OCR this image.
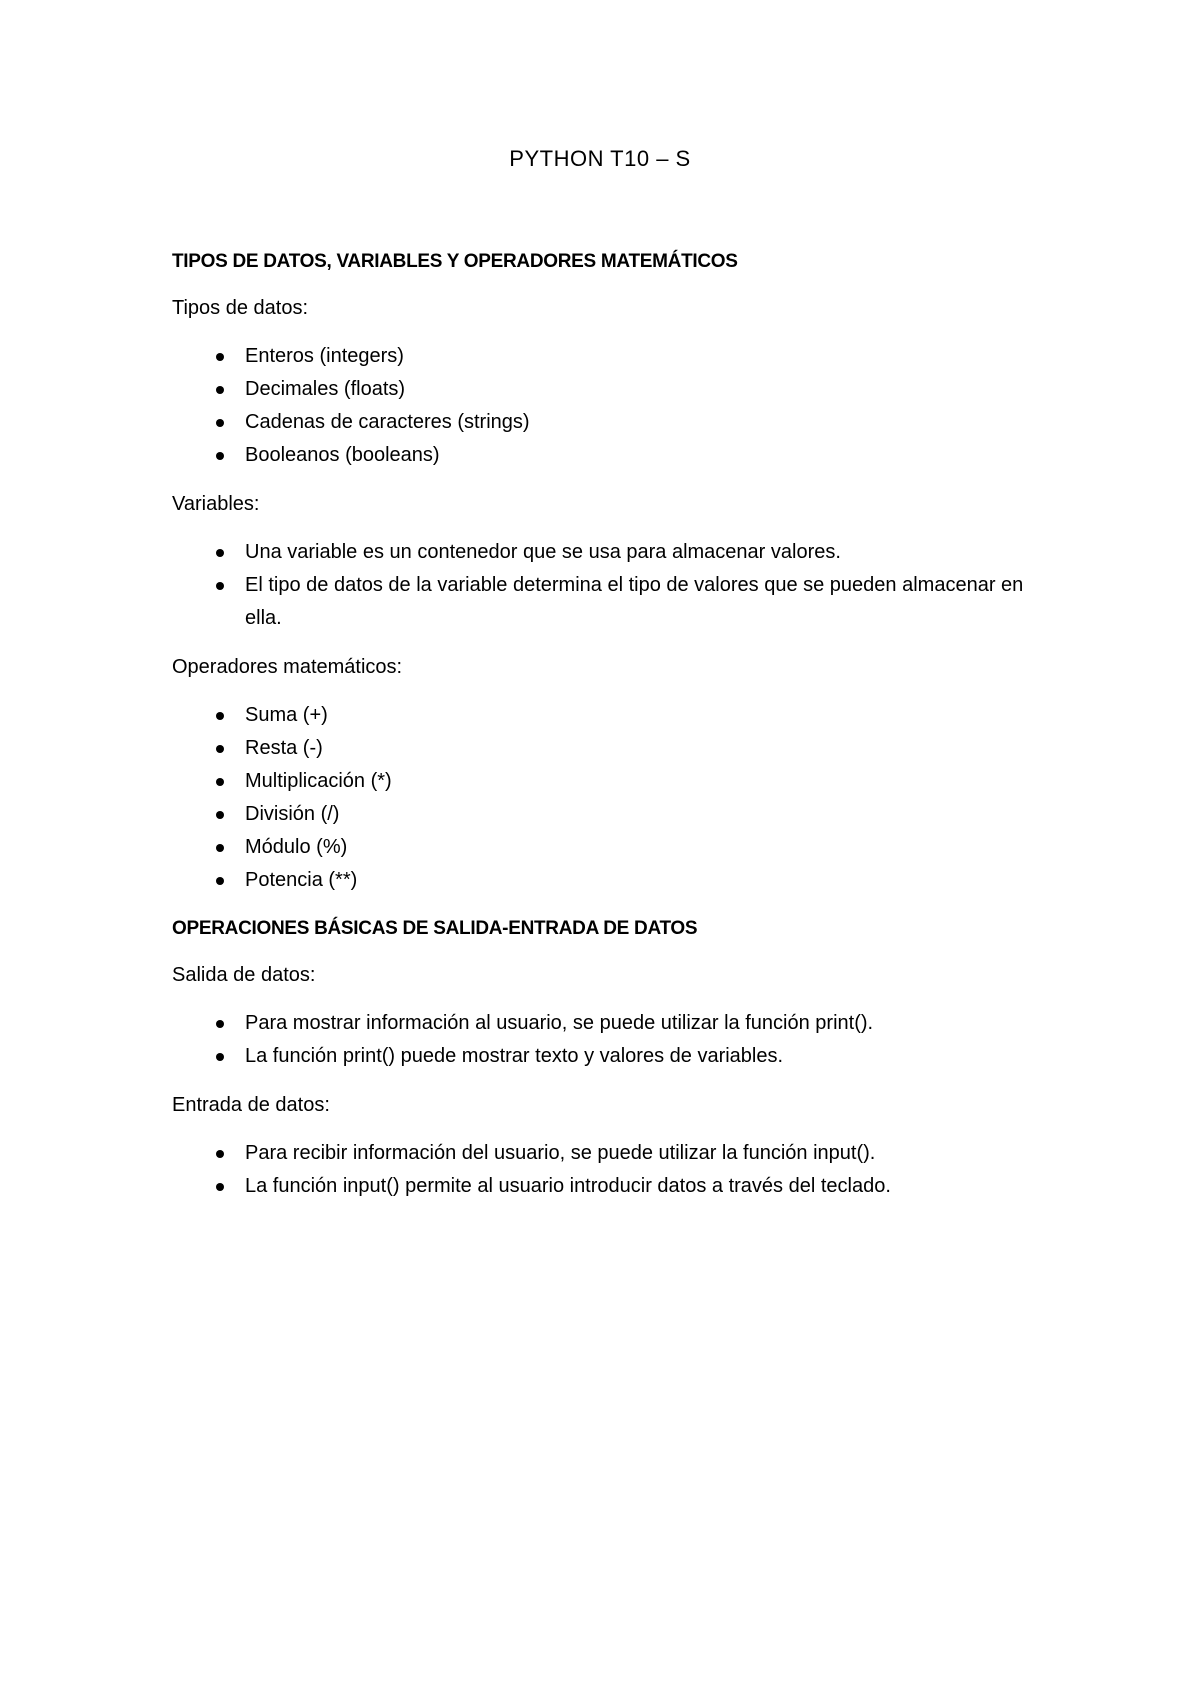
PYTHON T10 – S
TIPOS DE DATOS, VARIABLES Y OPERADORES MATEMÁTICOS

Tipos de datos:

Enteros (integers)
Decimales (floats)
Cadenas de caracteres (strings)
Booleanos (booleans)

Variables:

Una variable es un contenedor que se usa para almacenar valores.
El tipo de datos de la variable determina el tipo de valores que se pueden almacenar en ella.

Operadores matemáticos:

Suma (+)
Resta (-)
Multiplicación (*)
División (/)
Módulo (%)
Potencia (**)
OPERACIONES BÁSICAS DE SALIDA-ENTRADA DE DATOS

Salida de datos:

Para mostrar información al usuario, se puede utilizar la función print().
La función print() puede mostrar texto y valores de variables.

Entrada de datos:

Para recibir información del usuario, se puede utilizar la función input().
La función input() permite al usuario introducir datos a través del teclado.
